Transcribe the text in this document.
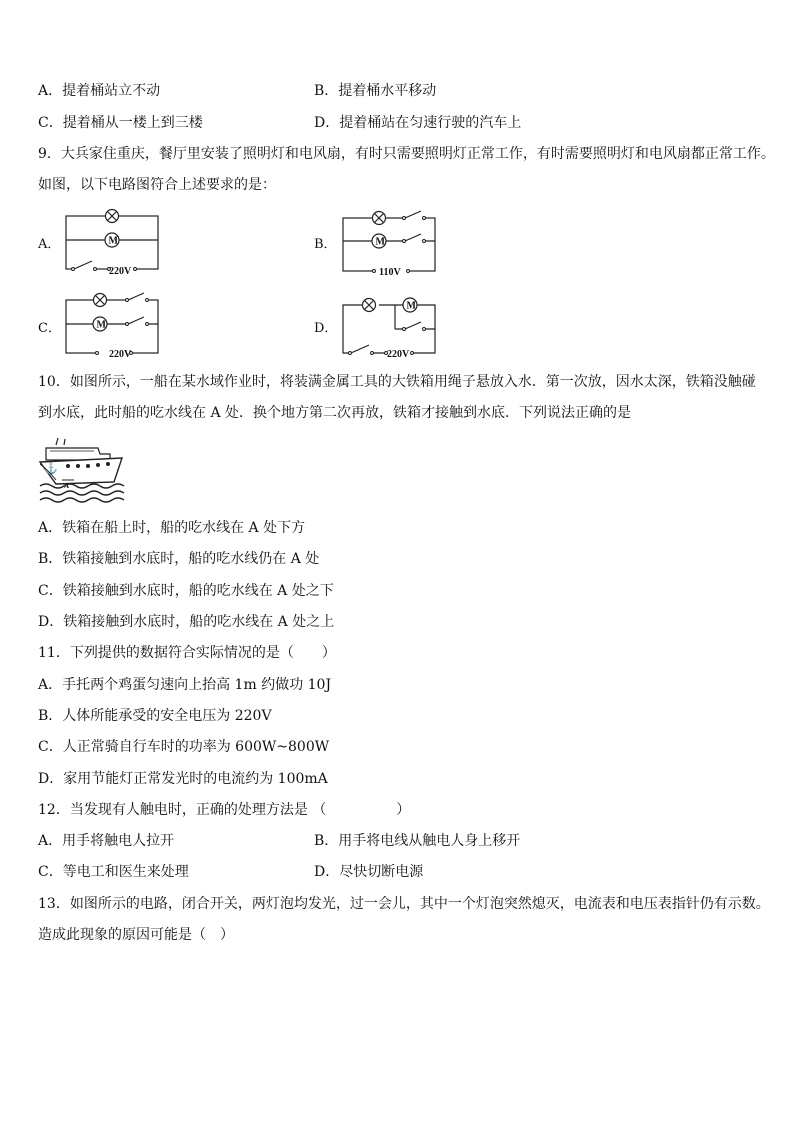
A．提着桶站立不动	B．提着桶水平移动
C．提着桶从一楼上到三楼	D．提着桶站在匀速行驶的汽车上
9．大兵家住重庆，餐厅里安装了照明灯和电风扇，有时只需要照明灯正常工作，有时需要照明灯和电风扇都正常工作。
如图，以下电路图符合上述要求的是：
A．	M
220V
B．	M
110V
C．	M
220V
D．
M
220V
10．如图所示，一船在某水域作业时，将装满金属工具的大铁箱用绳子悬放入水．第一次放，因水太深，铁箱没触碰
到水底，此时船的吃水线在 A 处．换个地方第二次再放，铁箱才接触到水底．下列说法正确的是
⚓
A
A．铁箱在船上时，船的吃水线在 A 处下方
B．铁箱接触到水底时，船的吃水线仍在 A 处
C．铁箱接触到水底时，船的吃水线在 A 处之下
D．铁箱接触到水底时，船的吃水线在 A 处之上
11．下列提供的数据符合实际情况的是（　　）
A．手托两个鸡蛋匀速向上抬高 1m 约做功 10J
B．人体所能承受的安全电压为 220V
C．人正常骑自行车时的功率为 600W~800W
D．家用节能灯正常发光时的电流约为 100mA
12．当发现有人触电时，正确的处理方法是 （　　　　　）
A．用手将触电人拉开	B．用手将电线从触电人身上移开
C．等电工和医生来处理	D．尽快切断电源
13．如图所示的电路，闭合开关，两灯泡均发光，过一会儿，其中一个灯泡突然熄灭，电流表和电压表指针仍有示数。
造成此现象的原因可能是（　）
